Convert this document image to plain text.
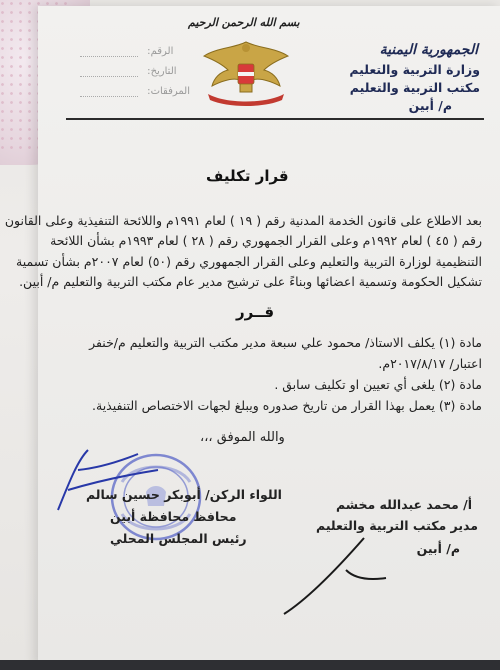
الجمهورية اليمنية
وزارة التربية والتعليم
مكتب التربية والتعليم
م/ أبين
بسم الله الرحمن الرحيم
الرقم:
التاريخ:
المرفقات:
قرار تكليف
بعد الاطلاع على قانون الخدمة المدنية رقم ( ١٩ ) لعام ١٩٩١م واللائحة التنفيذية وعلى القانون
رقم ( ٤٥ ) لعام ١٩٩٢م وعلى القرار الجمهوري رقم ( ٢٨ ) لعام ١٩٩٣م بشأن اللائحة
التنظيمية لوزارة التربية والتعليم وعلى القرار الجمهوري رقم (٥٠) لعام ٢٠٠٧م بشأن تسمية
تشكيل الحكومة وتسمية اعضائها وبناءً على ترشيح مدير عام مكتب التربية والتعليم م/ أبين.
قــرر
مادة (١) يكلف الاستاذ/ محمود علي سبعة مدير مكتب التربية والتعليم م/خنفر
اعتبار/ ٢٠١٧/٨/١٧م.
مادة (٢) يلغى أي تعيين او تكليف سابق .
مادة (٣) يعمل بهذا القرار من تاريخ صدوره ويبلغ لجهات الاختصاص التنفيذية.
والله الموفق ،،،
اللواء الركن/ أبوبكر حسين سالم
محافظ محافظة أبين
رئيس المجلس المحلي
أ/ محمد عبدالله مخشم
مدير مكتب التربية والتعليم
م/ أبين
